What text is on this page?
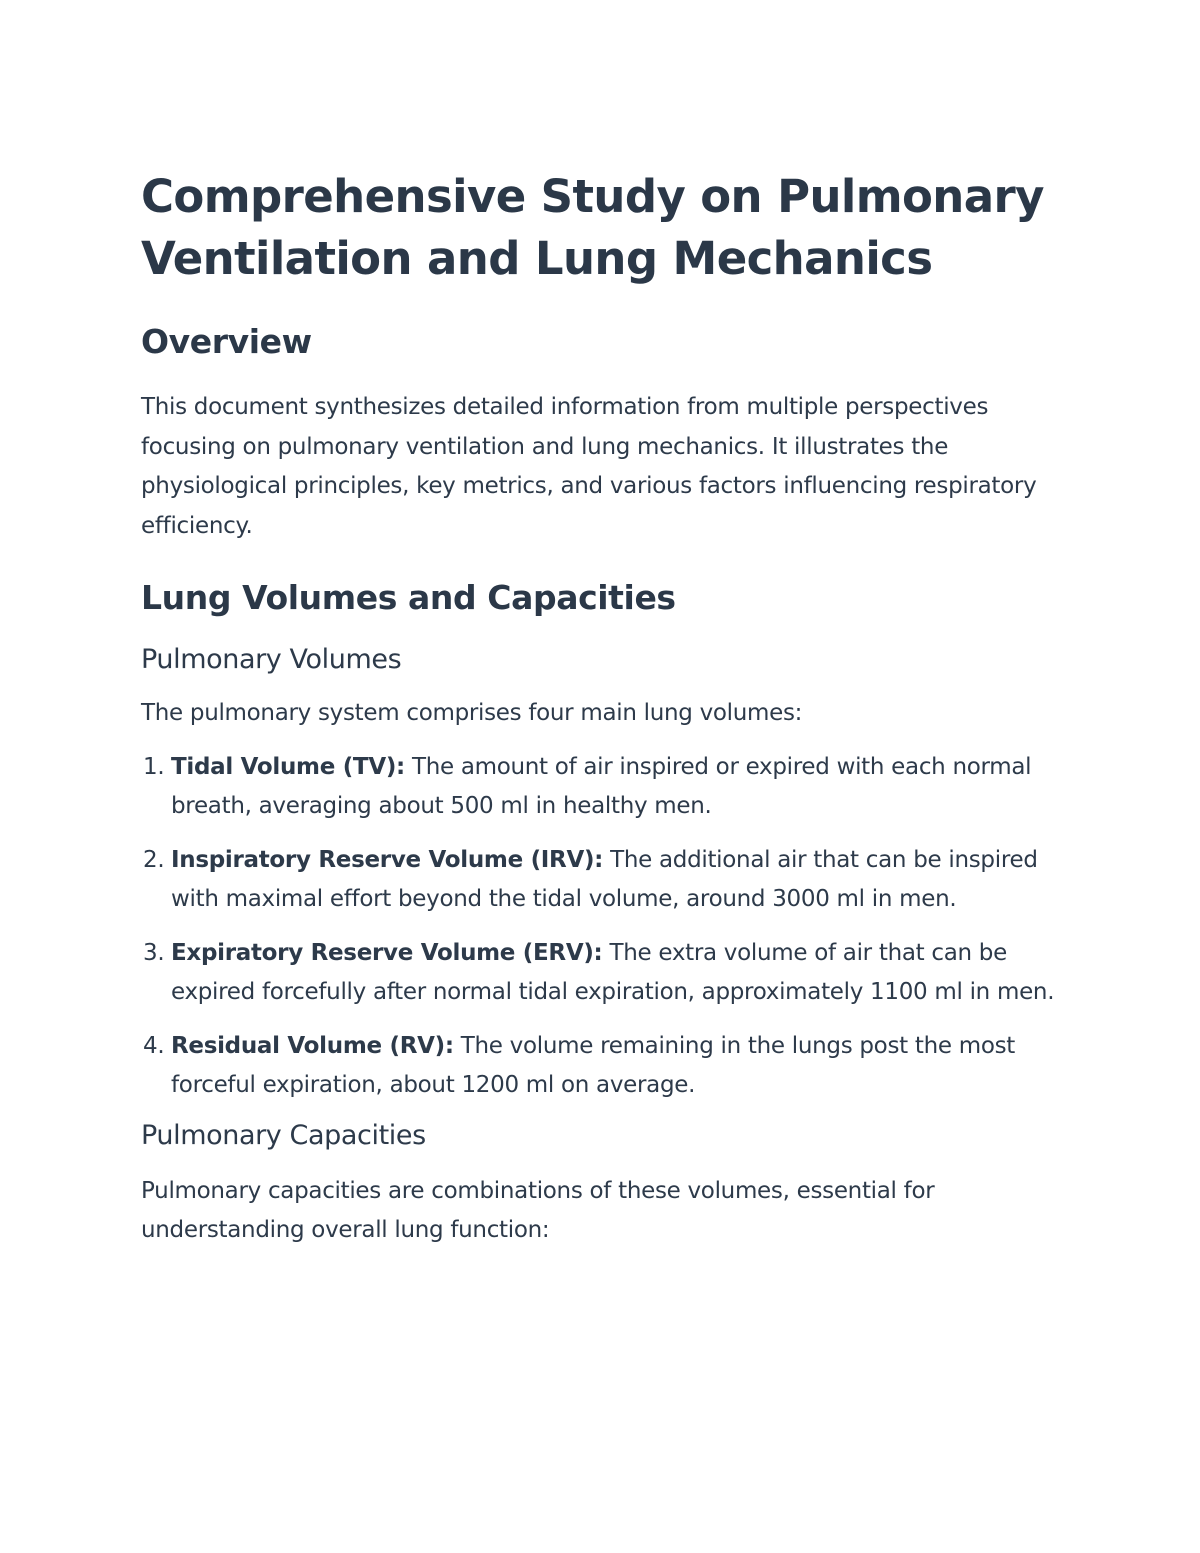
Comprehensive Study on Pulmonary Ventilation and Lung Mechanics
Overview

This document synthesizes detailed information from multiple perspectives focusing on pulmonary ventilation and lung mechanics. It illustrates the physiological principles, key metrics, and various factors influencing respiratory efficiency.

Lung Volumes and Capacities
Pulmonary Volumes

The pulmonary system comprises four main lung volumes:

1. Tidal Volume (TV): The amount of air inspired or expired with each normal breath, averaging about 500 ml in healthy men.
2. Inspiratory Reserve Volume (IRV): The additional air that can be inspired with maximal effort beyond the tidal volume, around 3000 ml in men.
3. Expiratory Reserve Volume (ERV): The extra volume of air that can be expired forcefully after normal tidal expiration, approximately 1100 ml in men.
4. Residual Volume (RV): The volume remaining in the lungs post the most forceful expiration, about 1200 ml on average.
Pulmonary Capacities

Pulmonary capacities are combinations of these volumes, essential for understanding overall lung function:
